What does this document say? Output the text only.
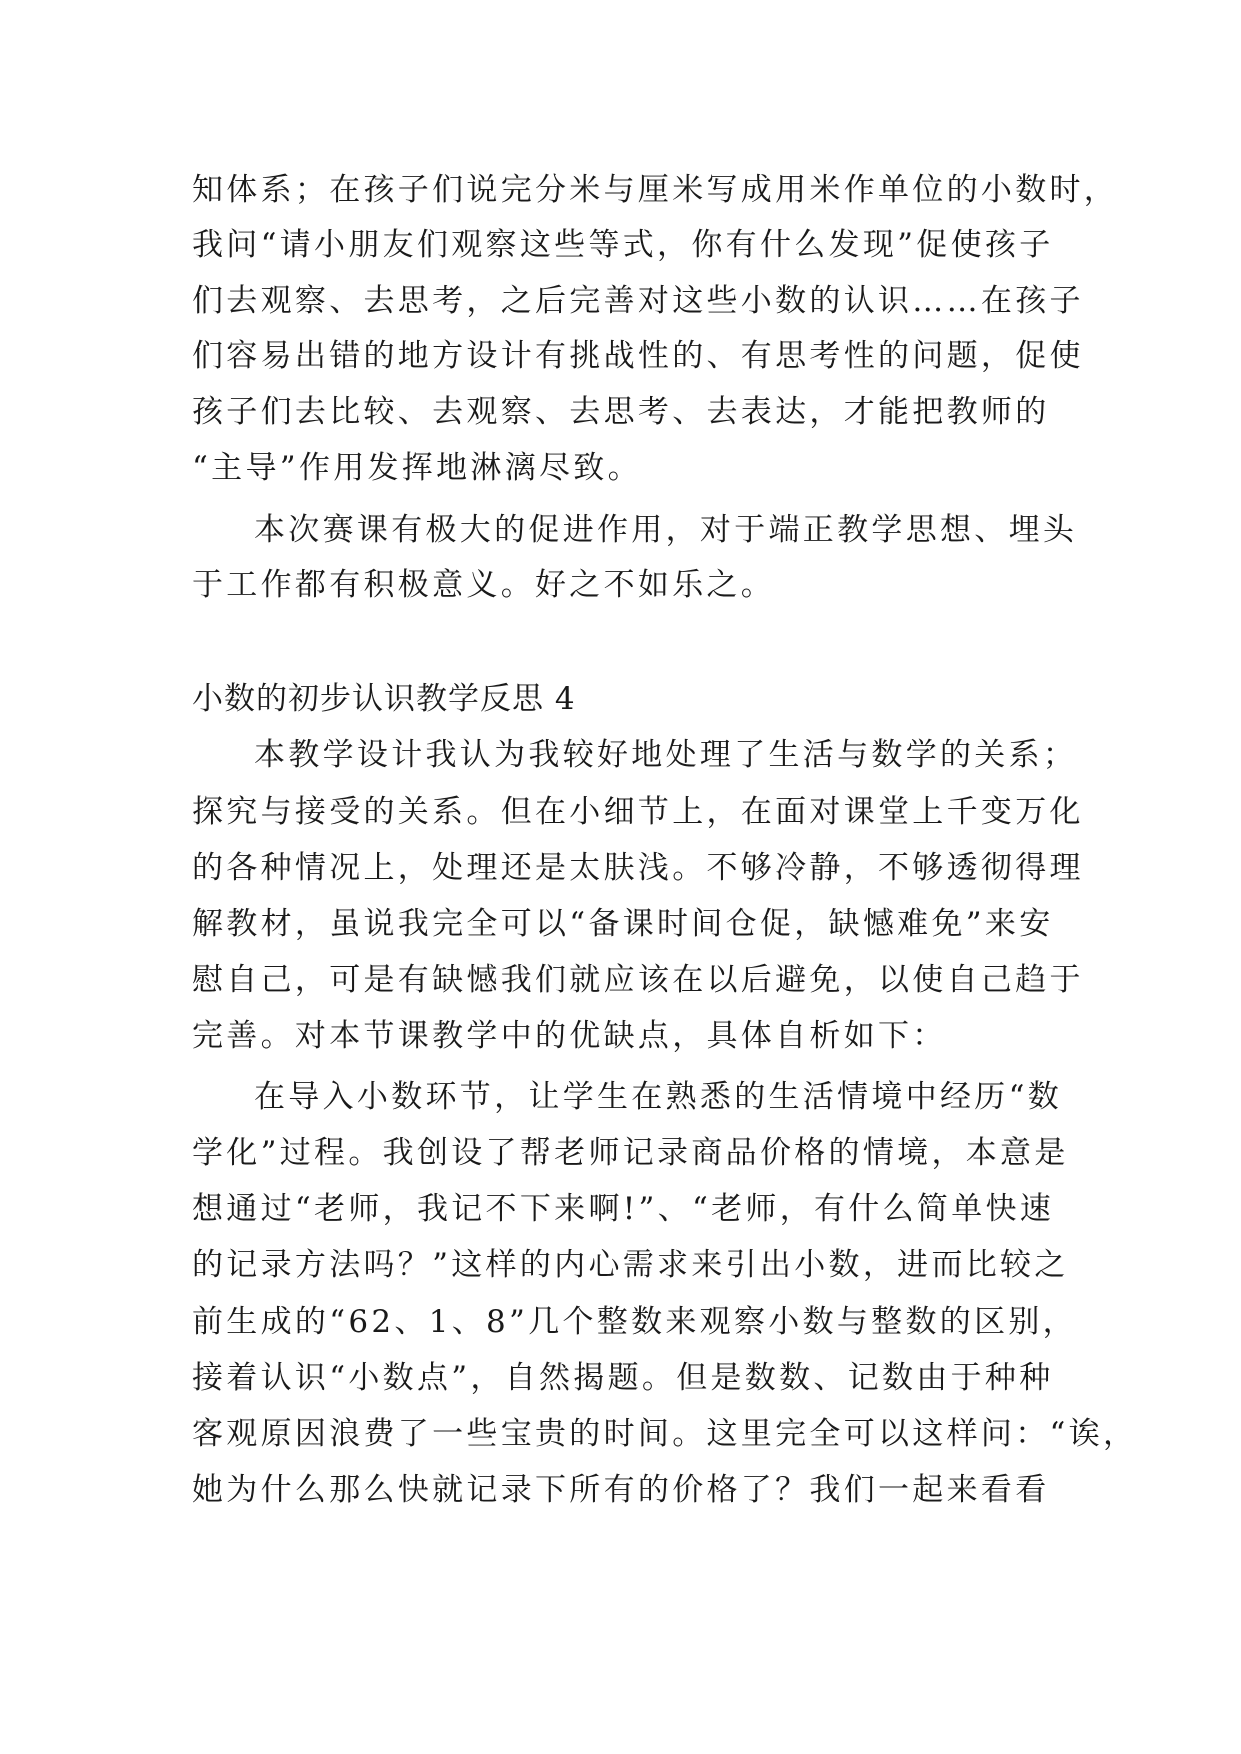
知体系；在孩子们说完分米与厘米写成用米作单位的小数时，

我问“请小朋友们观察这些等式，你有什么发现”促使孩子

们去观察、去思考，之后完善对这些小数的认识……在孩子

们容易出错的地方设计有挑战性的、有思考性的问题，促使

孩子们去比较、去观察、去思考、去表达，才能把教师的

“主导”作用发挥地淋漓尽致。

本次赛课有极大的促进作用，对于端正教学思想、埋头

于工作都有积极意义。好之不如乐之。

小数的初步认识教学反思 4

本教学设计我认为我较好地处理了生活与数学的关系；

探究与接受的关系。但在小细节上，在面对课堂上千变万化

的各种情况上，处理还是太肤浅。不够冷静，不够透彻得理

解教材，虽说我完全可以“备课时间仓促，缺憾难免”来安

慰自己，可是有缺憾我们就应该在以后避免，以使自己趋于

完善。对本节课教学中的优缺点，具体自析如下：

在导入小数环节，让学生在熟悉的生活情境中经历“数

学化”过程。我创设了帮老师记录商品价格的情境，本意是

想通过“老师，我记不下来啊!”、“老师，有什么简单快速

的记录方法吗？”这样的内心需求来引出小数，进而比较之

前生成的“62、1、8”几个整数来观察小数与整数的区别，

接着认识“小数点”，自然揭题。但是数数、记数由于种种

客观原因浪费了一些宝贵的时间。这里完全可以这样问：“诶，

她为什么那么快就记录下所有的价格了？我们一起来看看
